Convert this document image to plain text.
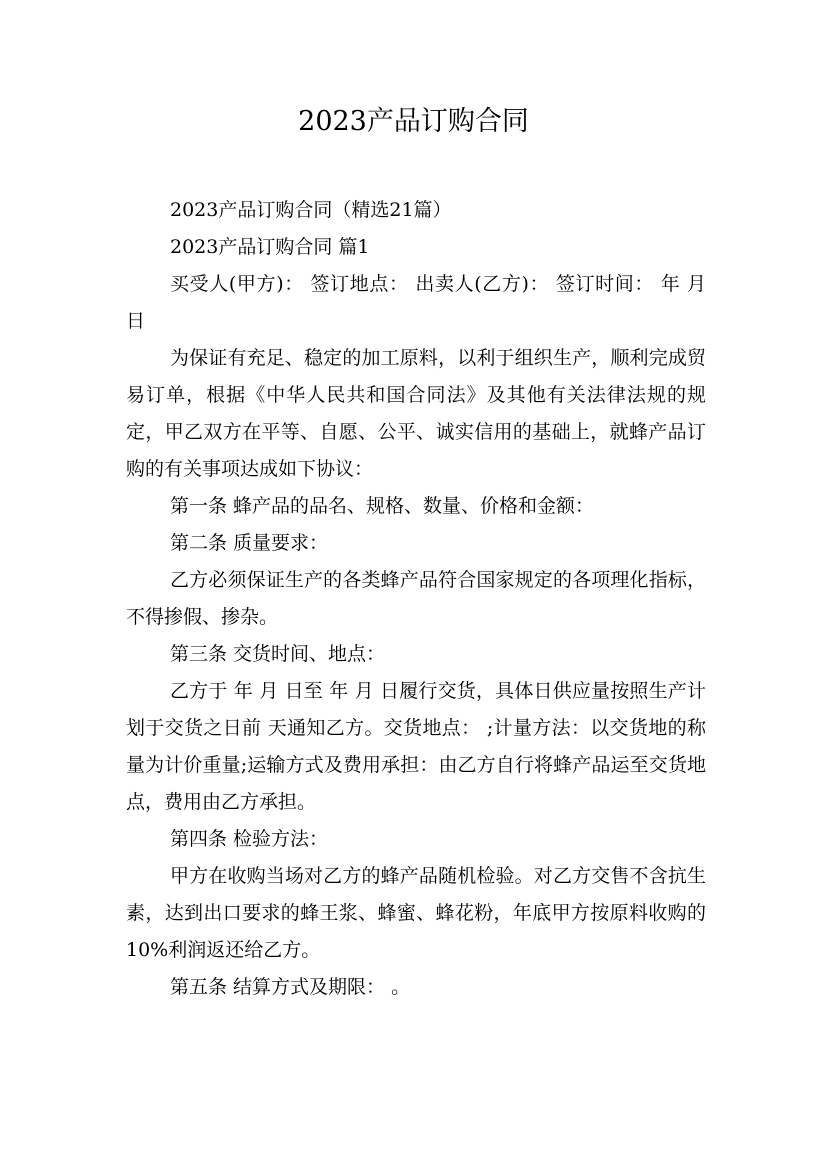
2023产品订购合同

2023产品订购合同（精选21篇）

2023产品订购合同 篇1

买受人(甲方)： 签订地点： 出卖人(乙方)： 签订时间： 年 月 日

为保证有充足、稳定的加工原料，以利于组织生产，顺利完成贸易订单，根据《中华人民共和国合同法》及其他有关法律法规的规定，甲乙双方在平等、自愿、公平、诚实信用的基础上，就蜂产品订购的有关事项达成如下协议：

第一条 蜂产品的品名、规格、数量、价格和金额：

第二条 质量要求：

乙方必须保证生产的各类蜂产品符合国家规定的各项理化指标，不得掺假、掺杂。

第三条 交货时间、地点：

乙方于 年 月 日至 年 月 日履行交货，具体日供应量按照生产计划于交货之日前 天通知乙方。交货地点： ;计量方法：以交货地的称量为计价重量;运输方式及费用承担：由乙方自行将蜂产品运至交货地点，费用由乙方承担。

第四条 检验方法：

甲方在收购当场对乙方的蜂产品随机检验。对乙方交售不含抗生素，达到出口要求的蜂王浆、蜂蜜、蜂花粉，年底甲方按原料收购的10%利润返还给乙方。

第五条 结算方式及期限： 。
